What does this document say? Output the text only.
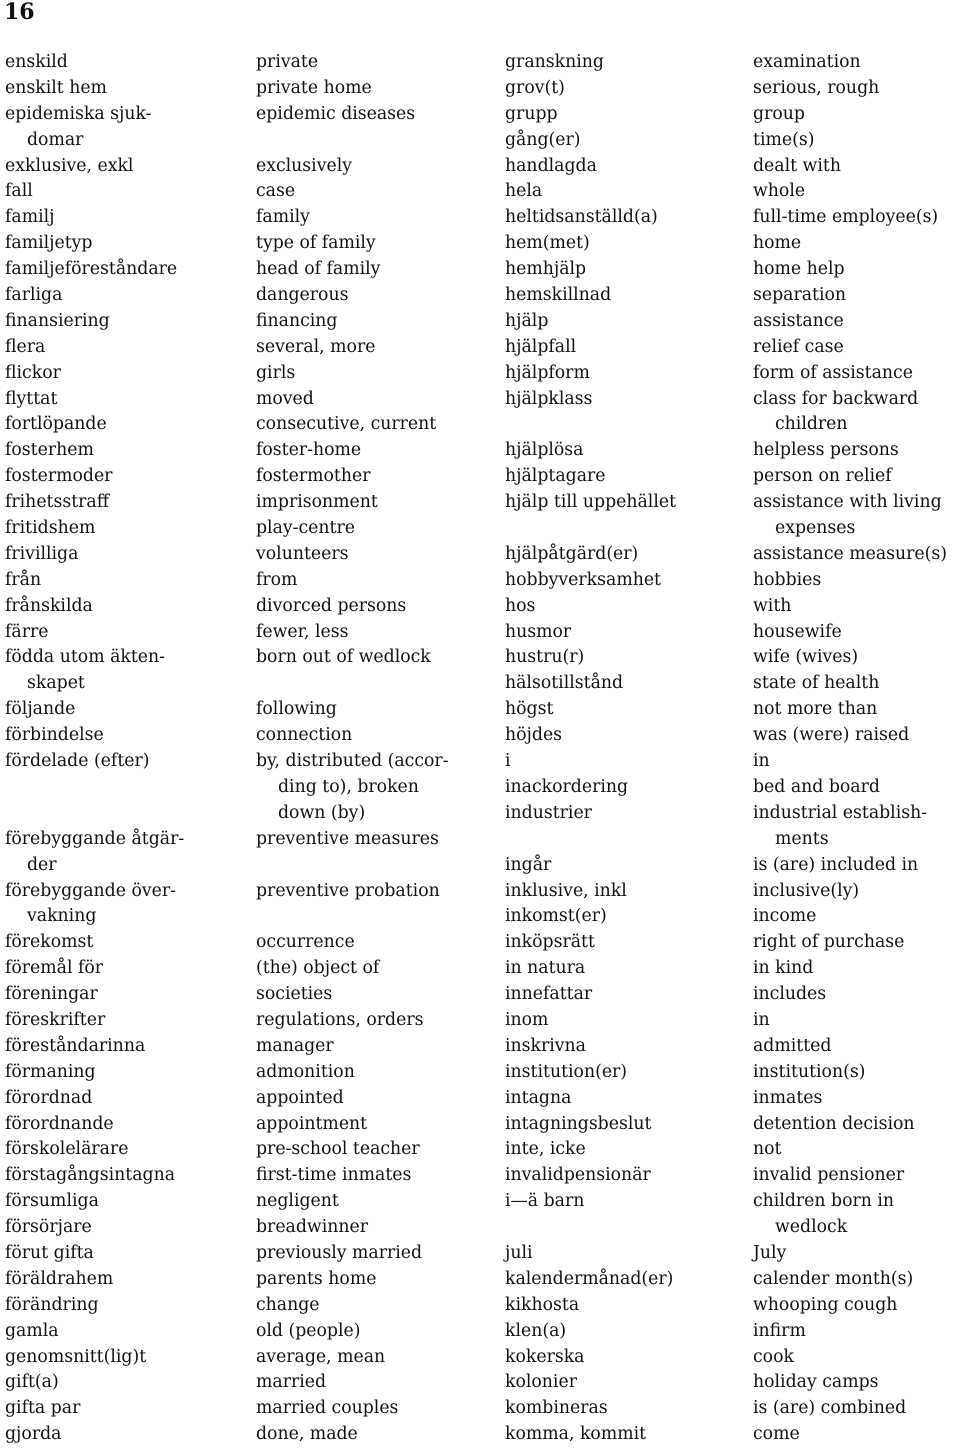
16
enskild
enskilt hem
epidemiska sjuk-
domar
exklusive, exkl
fall
familj
familjetyp
familjeföreståndare
farliga
finansiering
flera
flickor
flyttat
fortlöpande
fosterhem
fostermoder
frihetsstraff
fritidshem
frivilliga
från
frånskilda
färre
födda utom äkten-
skapet
följande
förbindelse
fördelade (efter)
förebyggande åtgär-
der
förebyggande över-
vakning
förekomst
föremål för
föreningar
föreskrifter
föreståndarinna
förmaning
förordnad
förordnande
förskolelärare
förstagångsintagna
försumliga
försörjare
förut gifta
föräldrahem
förändring
gamla
genomsnitt(lig)t
gift(a)
gifta par
gjorda
private
private home
epidemic diseases
exclusively
case
family
type of family
head of family
dangerous
financing
several, more
girls
moved
consecutive, current
foster-home
fostermother
imprisonment
play-centre
volunteers
from
divorced persons
fewer, less
born out of wedlock
following
connection
by, distributed (accor-
ding to), broken
down (by)
preventive measures
preventive probation
occurrence
(the) object of
societies
regulations, orders
manager
admonition
appointed
appointment
pre-school teacher
first-time inmates
negligent
breadwinner
previously married
parents home
change
old (people)
average, mean
married
married couples
done, made
granskning
grov(t)
grupp
gång(er)
handlagda
hela
heltidsanställd(a)
hem(met)
hemhjälp
hemskillnad
hjälp
hjälpfall
hjälpform
hjälpklass
hjälplösa
hjälptagare
hjälp till uppehället
hjälpåtgärd(er)
hobbyverksamhet
hos
husmor
hustru(r)
hälsotillstånd
högst
höjdes
i
inackordering
industrier
ingår
inklusive, inkl
inkomst(er)
inköpsrätt
in natura
innefattar
inom
inskrivna
institution(er)
intagna
intagningsbeslut
inte, icke
invalidpensionär
i—ä barn
juli
kalendermånad(er)
kikhosta
klen(a)
kokerska
kolonier
kombineras
komma, kommit
examination
serious, rough
group
time(s)
dealt with
whole
full-time employee(s)
home
home help
separation
assistance
relief case
form of assistance
class for backward
children
helpless persons
person on relief
assistance with living
expenses
assistance measure(s)
hobbies
with
housewife
wife (wives)
state of health
not more than
was (were) raised
in
bed and board
industrial establish-
ments
is (are) included in
inclusive(ly)
income
right of purchase
in kind
includes
in
admitted
institution(s)
inmates
detention decision
not
invalid pensioner
children born in
wedlock
July
calender month(s)
whooping cough
infirm
cook
holiday camps
is (are) combined
come
